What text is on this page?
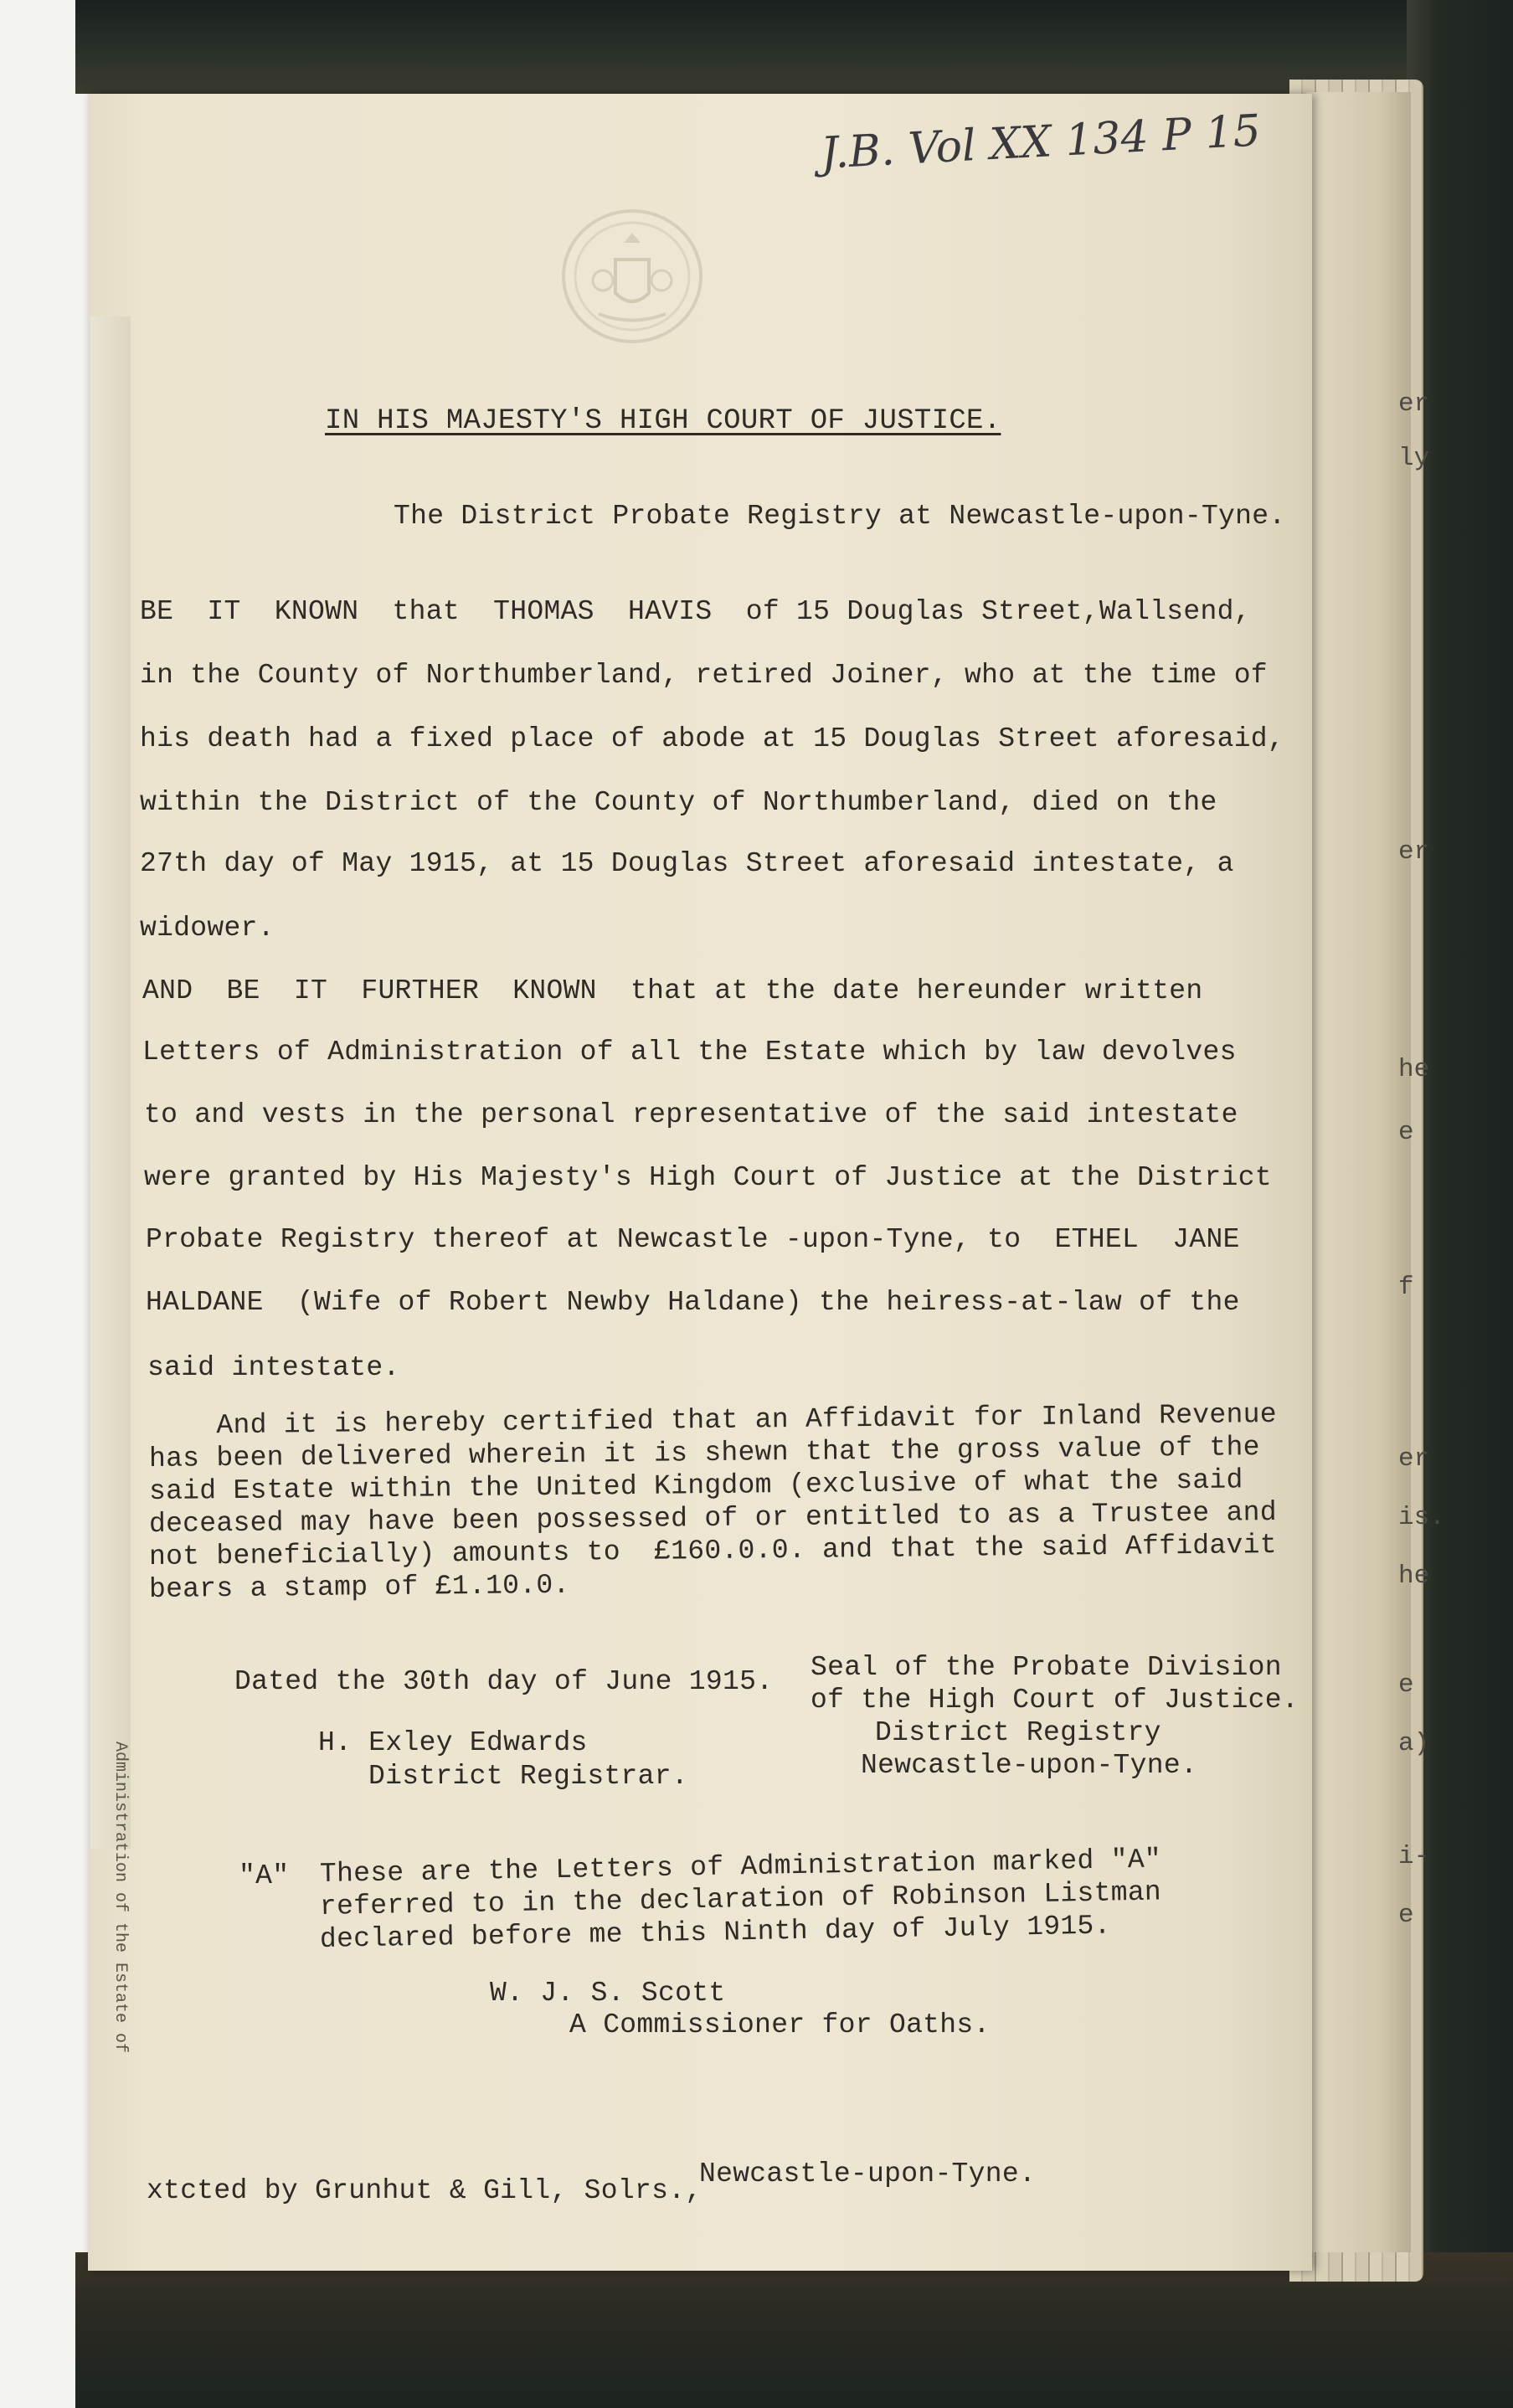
er
ly
er
he
e
f
er
is.
he
e
a)
i-
e
J.B. Vol XX 134 P 15
IN HIS MAJESTY'S HIGH COURT OF JUSTICE.
The District Probate Registry at Newcastle-upon-Tyne.
BE  IT  KNOWN  that  THOMAS  HAVIS  of 15 Douglas Street,Wallsend,
in the County of Northumberland, retired Joiner, who at the time of
his death had a fixed place of abode at 15 Douglas Street aforesaid,
within the District of the County of Northumberland, died on the
27th day of May 1915, at 15 Douglas Street aforesaid intestate, a
widower.
AND  BE  IT  FURTHER  KNOWN  that at the date hereunder written
Letters of Administration of all the Estate which by law devolves
to and vests in the personal representative of the said intestate
were granted by His Majesty's High Court of Justice at the District
Probate Registry thereof at Newcastle -upon-Tyne, to  ETHEL  JANE
HALDANE  (Wife of Robert Newby Haldane) the heiress-at-law of the
said intestate.
And it is hereby certified that an Affidavit for Inland Revenue
has been delivered wherein it is shewn that the gross value of the
said Estate within the United Kingdom (exclusive of what the said
deceased may have been possessed of or entitled to as a Trustee and
not beneficially) amounts to  £160.0.0. and that the said Affidavit
bears a stamp of £1.10.0.
Dated the 30th day of June 1915.
H. Exley Edwards
District Registrar.
Seal of the Probate Division
of the High Court of Justice.
District Registry
Newcastle-upon-Tyne.
"A" These are the Letters of Administration marked "A"
referred to in the declaration of Robinson Listman
declared before me this Ninth day of July 1915.
W. J. S. Scott
A Commissioner for Oaths.
xtcted by Grunhut & Gill, Solrs.,
Newcastle-upon-Tyne.
Administration of the Estate of
